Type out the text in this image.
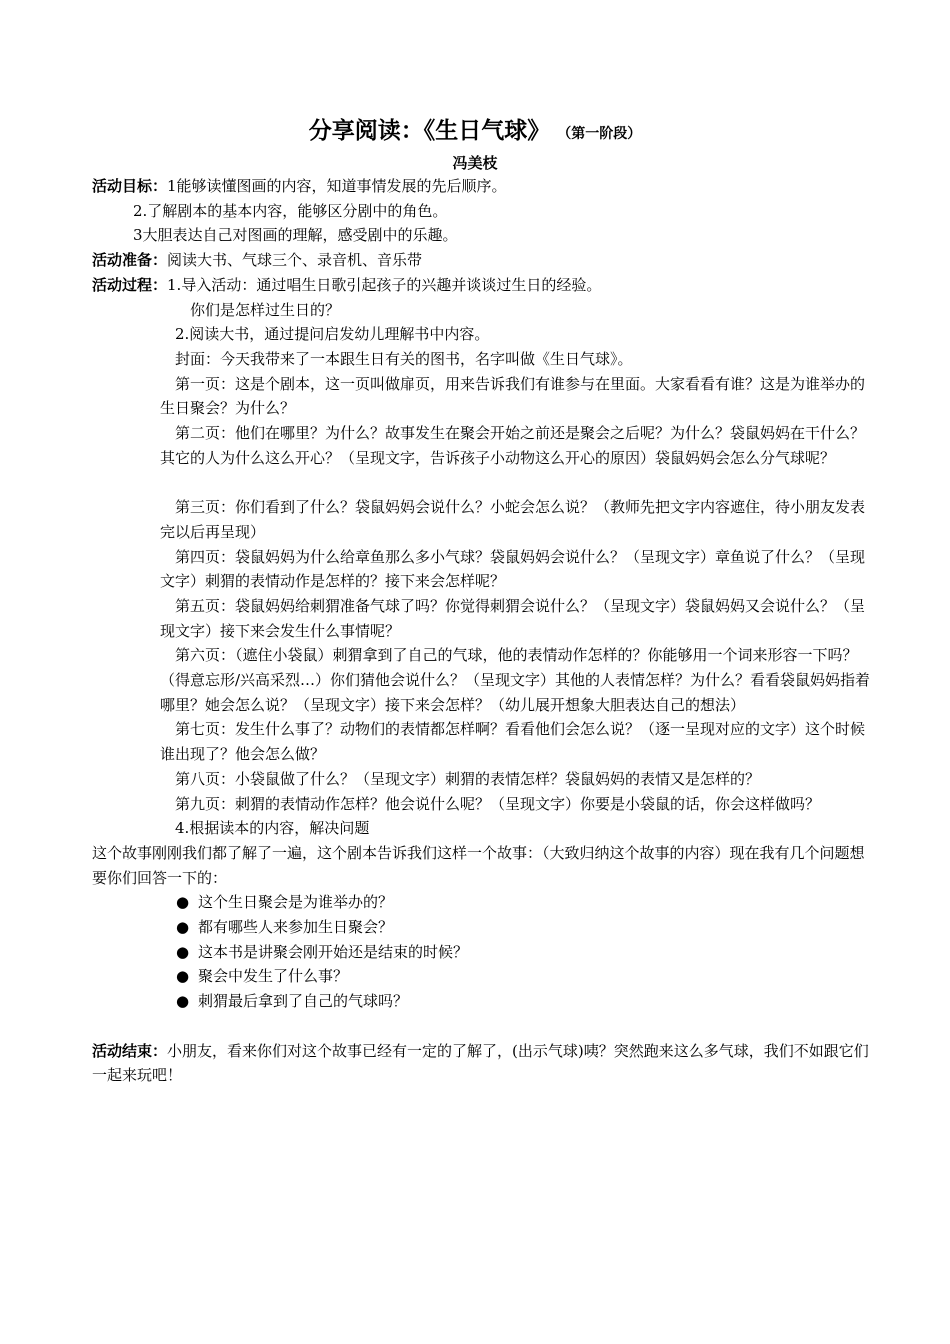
分享阅读：《生日气球》 （第一阶段）
冯美枝
活动目标：1能够读懂图画的内容，知道事情发展的先后顺序。
2.了解剧本的基本内容，能够区分剧中的角色。
3大胆表达自己对图画的理解，感受剧中的乐趣。
活动准备：阅读大书、气球三个、录音机、音乐带
活动过程：1.导入活动：通过唱生日歌引起孩子的兴趣并谈谈过生日的经验。
你们是怎样过生日的？
2.阅读大书，通过提问启发幼儿理解书中内容。
封面：今天我带来了一本跟生日有关的图书，名字叫做《生日气球》。
第一页：这是个剧本，这一页叫做扉页，用来告诉我们有谁参与在里面。大家看看有谁？这是为谁举办的生日聚会？为什么？
第二页：他们在哪里？为什么？故事发生在聚会开始之前还是聚会之后呢？为什么？袋鼠妈妈在干什么？其它的人为什么这么开心？（呈现文字，告诉孩子小动物这么开心的原因）袋鼠妈妈会怎么分气球呢？
第三页：你们看到了什么？袋鼠妈妈会说什么？小蛇会怎么说？（教师先把文字内容遮住，待小朋友发表完以后再呈现）
第四页：袋鼠妈妈为什么给章鱼那么多小气球？袋鼠妈妈会说什么？（呈现文字）章鱼说了什么？（呈现文字）刺猬的表情动作是怎样的？接下来会怎样呢？
第五页：袋鼠妈妈给刺猬准备气球了吗？你觉得刺猬会说什么？（呈现文字）袋鼠妈妈又会说什么？（呈现文字）接下来会发生什么事情呢？
第六页：（遮住小袋鼠）刺猬拿到了自己的气球，他的表情动作怎样的？你能够用一个词来形容一下吗？（得意忘形/兴高采烈…）你们猜他会说什么？（呈现文字）其他的人表情怎样？为什么？看看袋鼠妈妈指着哪里？她会怎么说？（呈现文字）接下来会怎样？（幼儿展开想象大胆表达自己的想法）
第七页：发生什么事了？动物们的表情都怎样啊？看看他们会怎么说？（逐一呈现对应的文字）这个时候谁出现了？他会怎么做？
第八页：小袋鼠做了什么？（呈现文字）刺猬的表情怎样？袋鼠妈妈的表情又是怎样的？
第九页：刺猬的表情动作怎样？他会说什么呢？（呈现文字）你要是小袋鼠的话，你会这样做吗？
4.根据读本的内容，解决问题
这个故事刚刚我们都了解了一遍，这个剧本告诉我们这样一个故事：（大致归纳这个故事的内容）现在我有几个问题想要你们回答一下的：
● 这个生日聚会是为谁举办的？
● 都有哪些人来参加生日聚会？
● 这本书是讲聚会刚开始还是结束的时候？
● 聚会中发生了什么事？
● 刺猬最后拿到了自己的气球吗？
活动结束：小朋友，看来你们对这个故事已经有一定的了解了，(出示气球)咦？突然跑来这么多气球，我们不如跟它们一起来玩吧！
